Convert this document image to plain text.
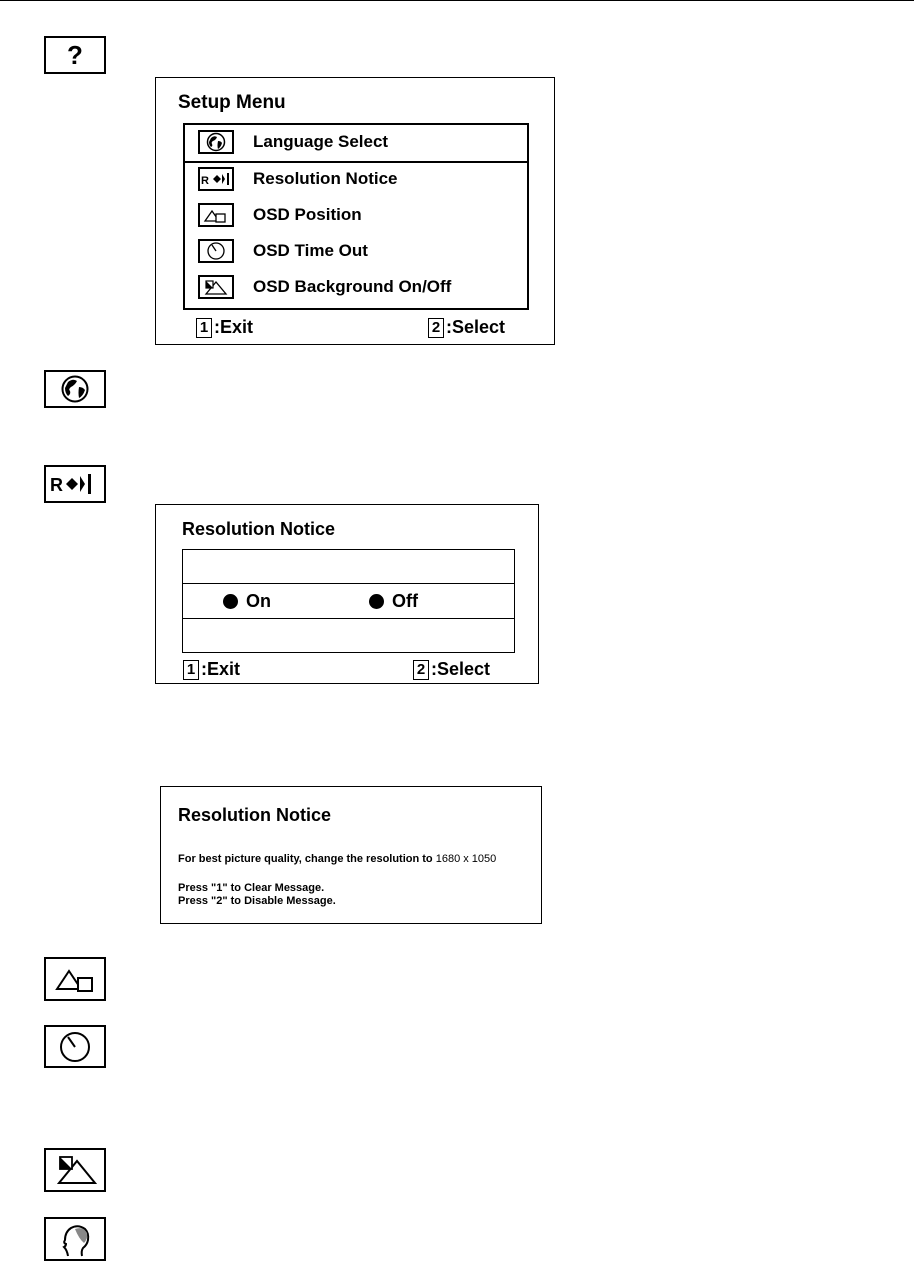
?
Setup Menu
Language Select
R	Resolution Notice
OSD Position
OSD Time Out
OSD Background On/Off
1 :Exit	2 :Select
R
Resolution Notice
On	Off
1 :Exit	2 :Select
Resolution Notice
For best picture quality, change the resolution to 1680 x 1050
Press "1" to Clear Message.
Press "2" to Disable Message.
